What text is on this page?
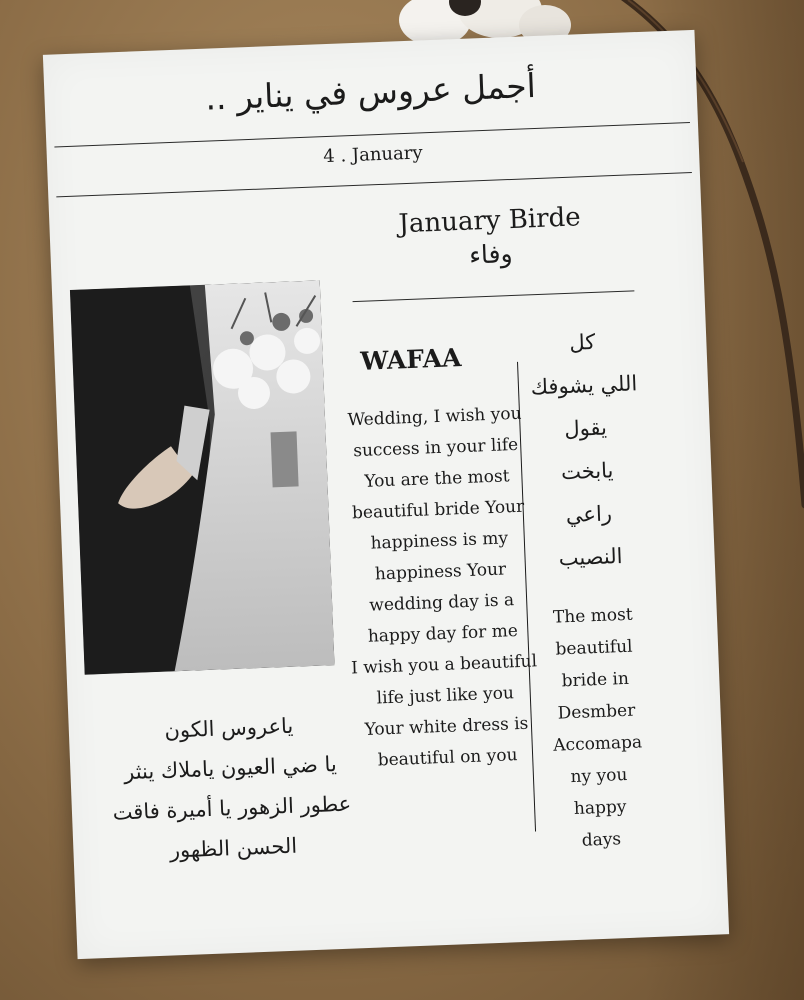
أجمل عروس في يناير ..
4 . January
January Birde
وفاء
WAFAA
Wedding, I wish you
success in your life
You are the most
beautiful bride Your
happiness is my
happiness Your
wedding day is a
happy day for me
I wish you a beautiful
life just like you
Your white dress is
beautiful on you
كل
اللي يشوفك
يقول
يابخت
راعي
النصيب
The most
beautiful
bride in
Desmber
Accomapa
ny you
happy
days
ياعروس الكون
يا ضي العيون ياملاك ينثر
عطور الزهور يا أميرة فاقت
الحسن الظهور
